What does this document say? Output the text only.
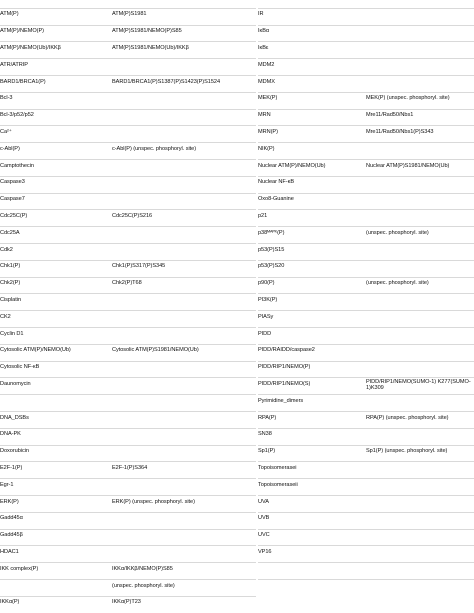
ATM(P)
ATM(P)/NEMO(P)
ATM(P)/NEMO(Ub)/IKKβ
ATR/ATRIP
BARD1/BRCA1(P)
Bcl-3
Bcl-3/p52/p52
Ca²⁺
c-Abl(P)
Camptothecin
Caspase3
Caspase7
Cdc25C(P)
Cdc25A
Cdk2
Chk1(P)
Chk2(P)
Cisplatin
CK2
Cyclin D1
Cytosolic ATM(P)/NEMO(Ub)
Cytosolic NF-κB
Daunomycin
DNA_DSBs
DNA-PK
Doxorubicin
E2F-1(P)
Egr-1
ERK(P)
Gadd45α
Gadd45β
HDAC1
IKK complex(P)
IKKα(P)
ATM(P)S1981
ATM(P)S1981/NEMO(P)S85
ATM(P)S1981/NEMO(Ub)/IKKβ
BARD1/BRCA1(P)S1387(P)S1423(P)S1524
c-Abl(P) (unspec. phosphoryl. site)
Cdc25C(P)S216
Chk1(P)S317(P)S345
Chk2(P)T68
Cytosolic ATM(P)S1981/NEMO(Ub)
E2F-1(P)S364
ERK(P) (unspec. phosphoryl. site)
IKKα/IKKβ/NEMO(P)S85
(unspec. phosphoryl. site)
IKKα(P)T23
IR
IκBα
IκBε
MDM2
MDMX
MEK(P)
MRN
MRN(P)
NIK(P)
Nuclear ATM(P)/NEMO(Ub)
Nuclear NF-κB
Oxo8-Guanine
p21
p38ᴹᴬᴾᴷ(P)
p53(P)S15
p53(P)S20
p90(P)
PI3K(P)
PIASy
PIDD
PIDD/RAIDD/caspase2
PIDD/RIP1/NEMO(P)
PIDD/RIP1/NEMO(S)
Pyrimidine_dimers
RPA(P)
SN38
Sp1(P)
Topoisomerasei
Topoisomeraseii
UVA
UVB
UVC
VP16
MEK(P) (unspec. phosphoryl. site)
Mre11/Rad50/Nbs1
Mre11/Rad50/Nbs1(P)S343
Nuclear ATM(P)S1981/NEMO(Ub)
(unspec. phosphoryl. site)
(unspec. phosphoryl. site)
PIDD/RIP1/NEMO(SUMO-1) K277(SUMO-1)K309
RPA(P) (unspec. phosphoryl. site)
Sp1(P) (unspec. phosphoryl. site)
